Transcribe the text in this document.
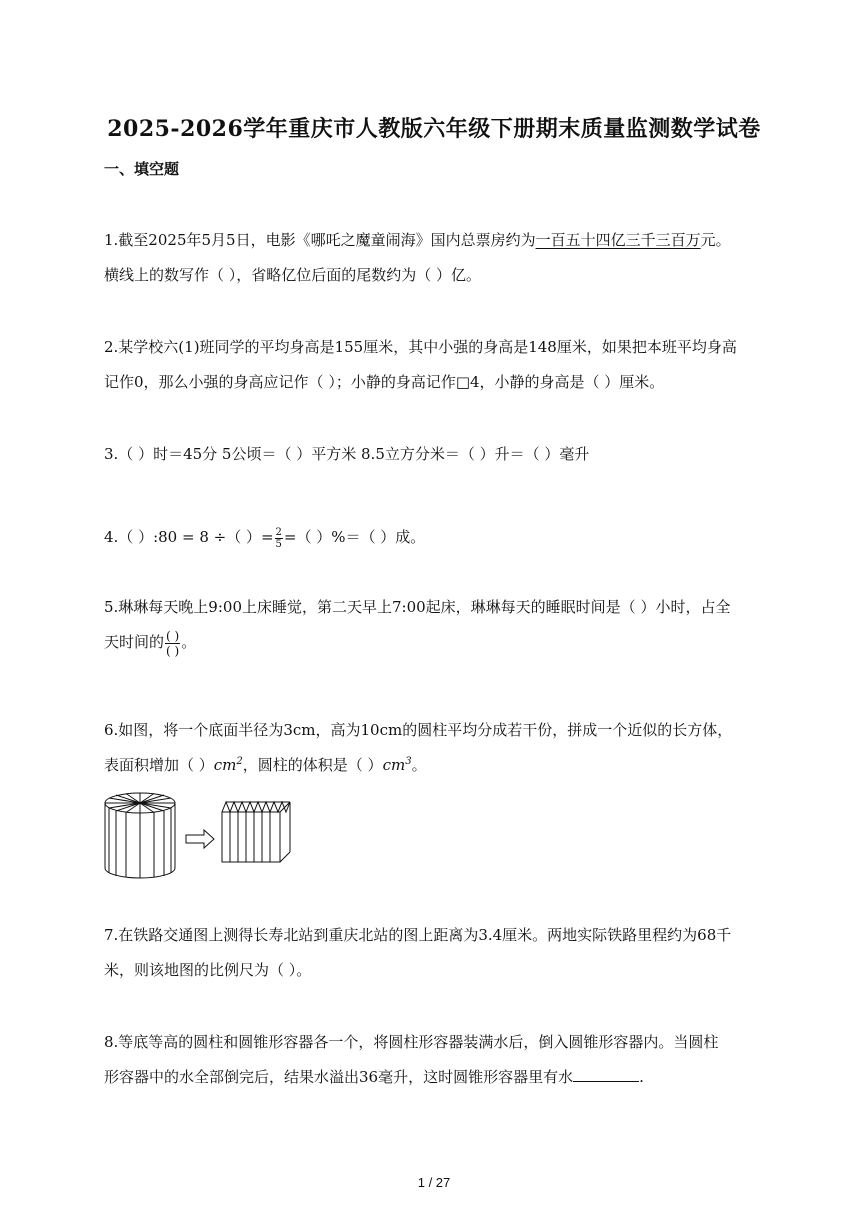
2025-2026学年重庆市人教版六年级下册期末质量监测数学试卷
一、填空题
1.截至2025年5月5日，电影《哪吒之魔童闹海》国内总票房约为一百五十四亿三千三百万元。
横线上的数写作（ ），省略亿位后面的尾数约为（ ）亿。
2.某学校六(1)班同学的平均身高是155厘米，其中小强的身高是148厘米，如果把本班平均身高
记作0，那么小强的身高应记作（ ）；小静的身高记作□4，小静的身高是（ ）厘米。
3.（ ）时＝45分 5公顷＝（ ）平方米 8.5立方分米＝（ ）升＝（ ）毫升
4.（ ）:80 = 8 ÷（ ）= $\frac{2}{5}$ =（ ）%＝（ ）成。
5.琳琳每天晚上9:00上床睡觉，第二天早上7:00起床，琳琳每天的睡眠时间是（ ）小时，占全
天时间的 $\frac{( )}{( )}$ 。
6.如图，将一个底面半径为3cm，高为10cm的圆柱平均分成若干份，拼成一个近似的长方体，
表面积增加（ ）$cm^2$，圆柱的体积是（ ）$cm^3$。
7.在铁路交通图上测得长寿北站到重庆北站的图上距离为3.4厘米。两地实际铁路里程约为68千
米，则该地图的比例尺为（ ）。
8.等底等高的圆柱和圆锥形容器各一个，将圆柱形容器装满水后，倒入圆锥形容器内。当圆柱
形容器中的水全部倒完后，结果水溢出36毫升，这时圆锥形容器里有水	.
1 / 27
